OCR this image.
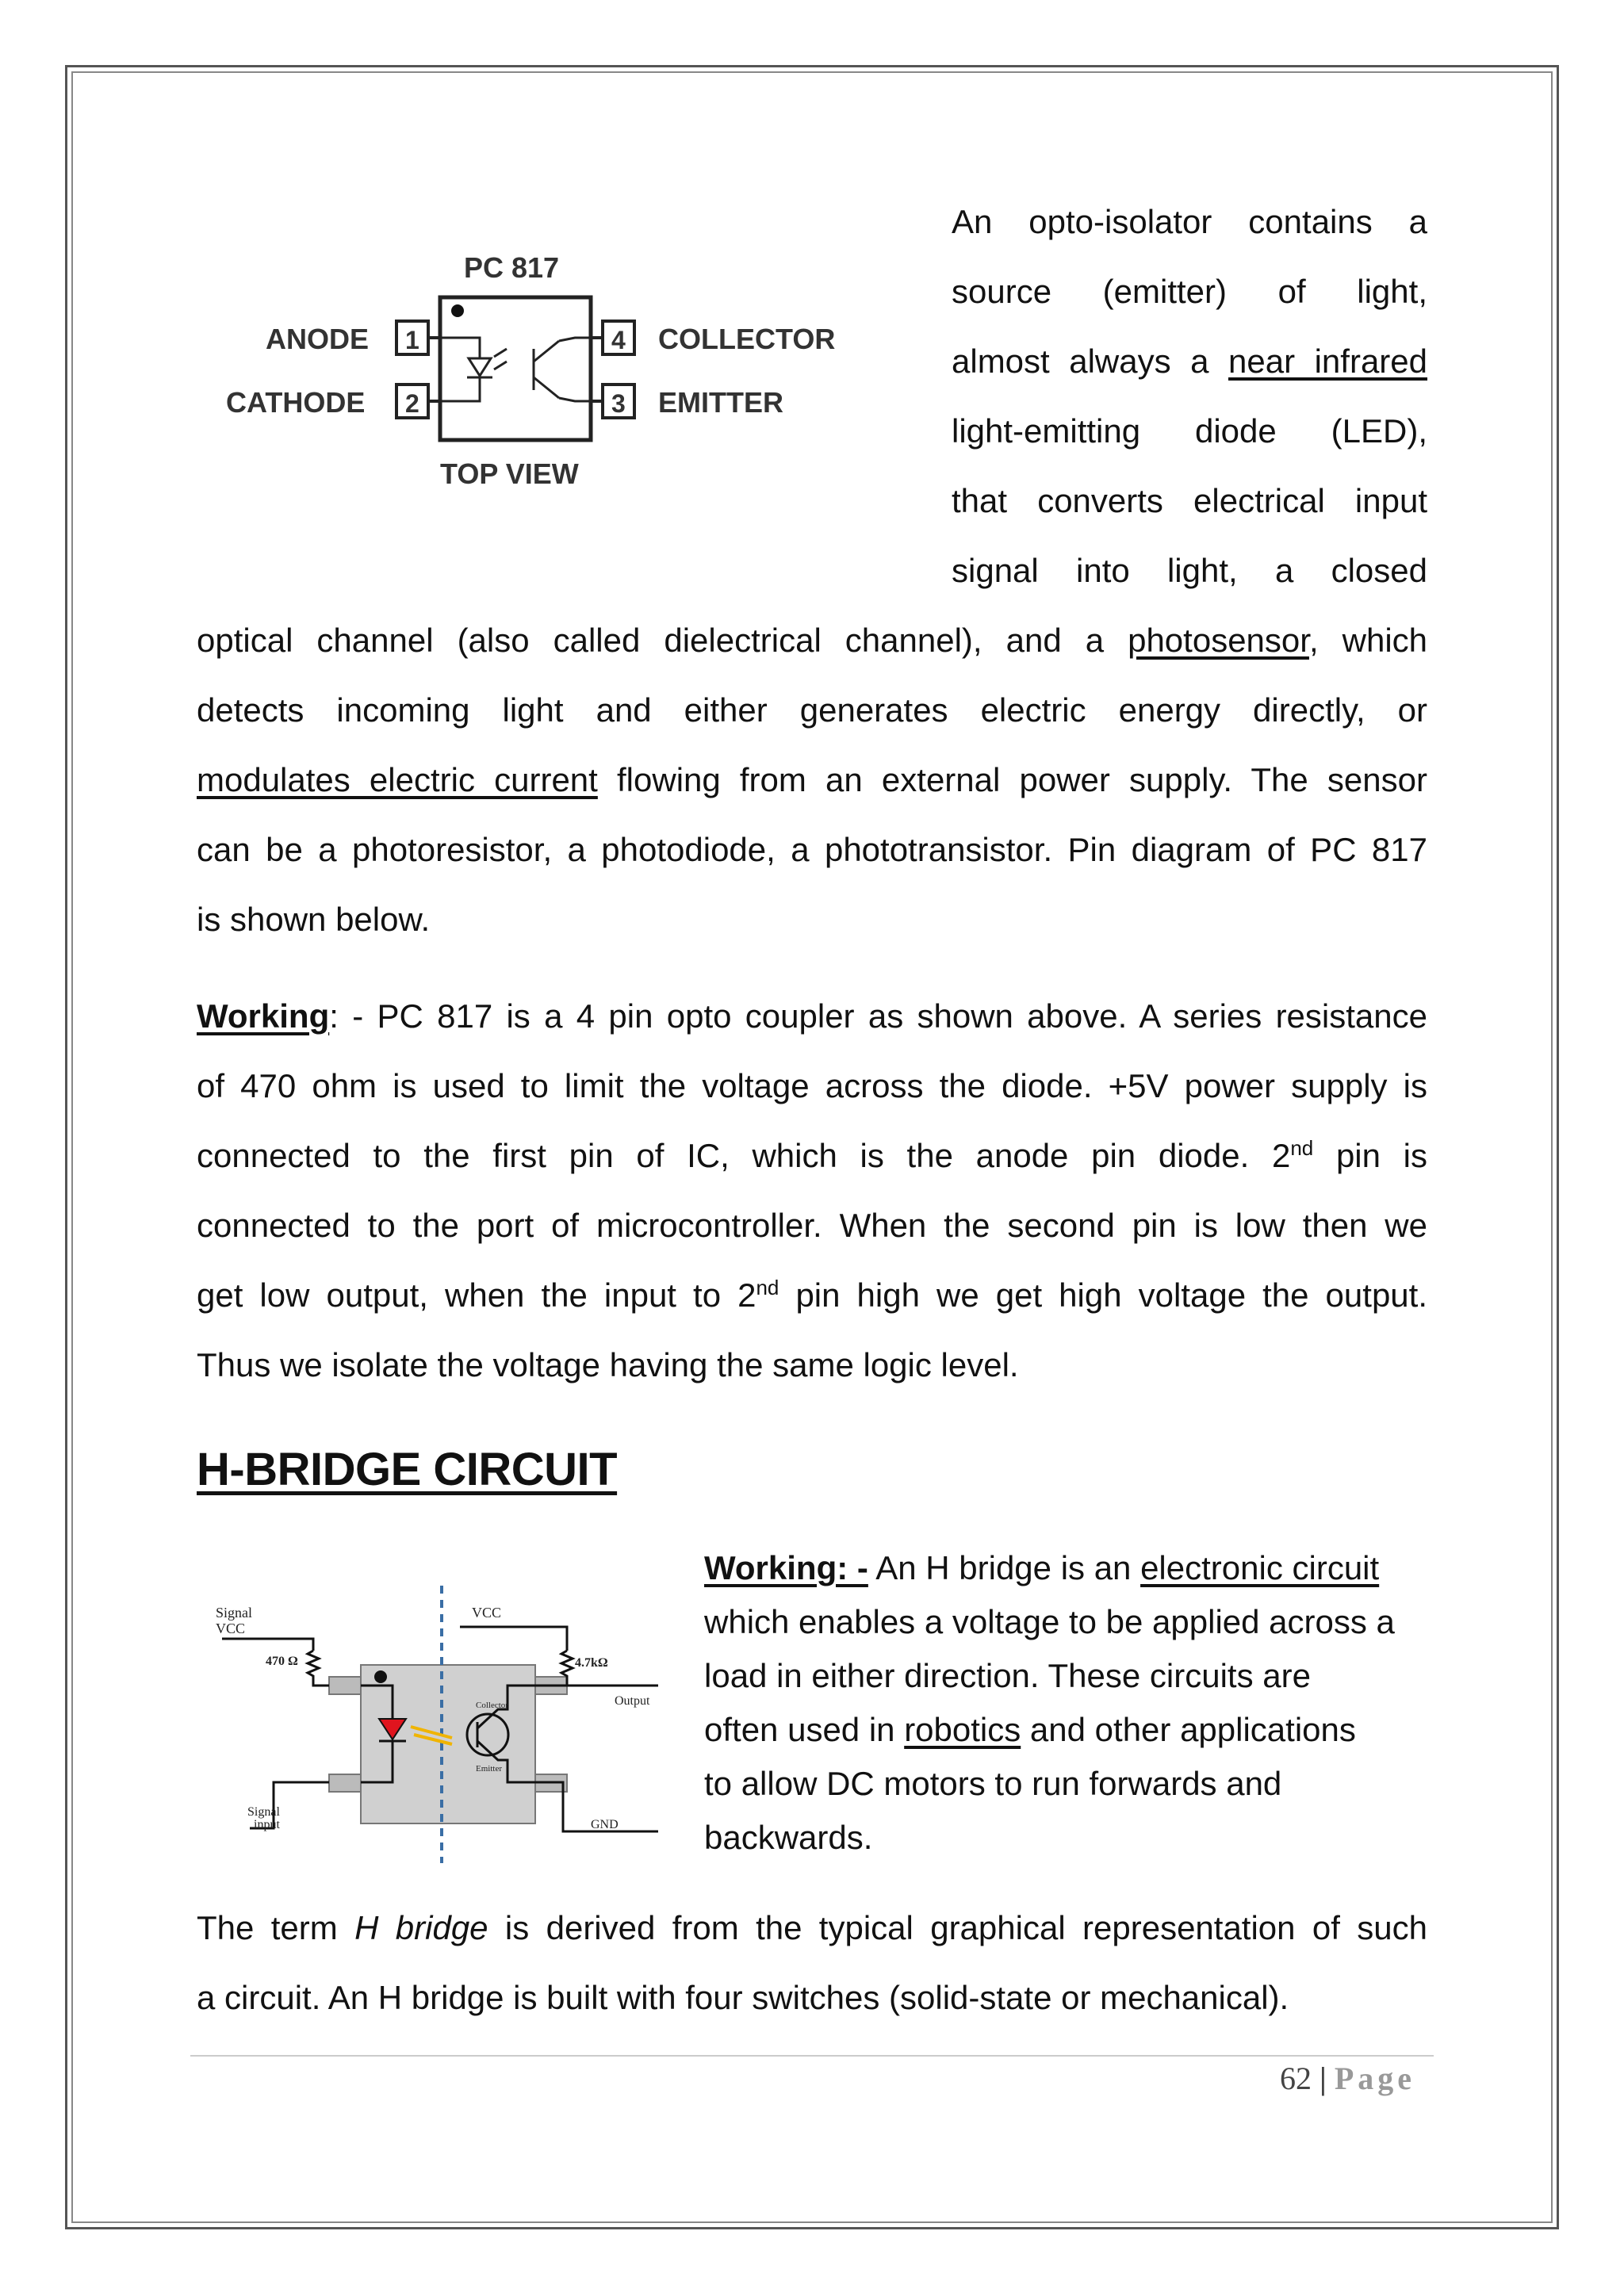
PC 817
1
2	3
4
ANODE
CATHODE
COLLECTOR
EMITTER
TOP VIEW
An opto-isolator contains a
source (emitter) of light,
almost always a near infrared
light-emitting diode (LED),
that converts electrical input
signal into light, a closed
optical channel (also called dielectrical channel), and a photosensor, which
detects incoming light and either generates electric energy directly, or
modulates electric current flowing from an external power supply. The sensor
can be a photoresistor, a photodiode, a phototransistor. Pin diagram of PC 817
is shown below.
Working: - PC 817 is a 4 pin opto coupler as shown above. A series resistance
of 470 ohm is used to limit the voltage across the diode. +5V power supply is
connected to the first pin of IC, which is the anode pin diode. 2nd pin is
connected to the port of microcontroller. When the second pin is low then we
get low output, when the input to 2nd pin high we get high voltage the output.
Thus we isolate the voltage having the same logic level.
H-BRIDGE CIRCUIT
Signal
VCC
470 Ω
VCC
4.7kΩ
Output
Collector
Emitter
Signal
input	GND
Working: - An H bridge is an electronic circuit
which enables a voltage to be applied across a
load in either direction. These circuits are
often used in robotics and other applications
to allow DC motors to run forwards and
backwards.
The term H bridge is derived from the typical graphical representation of such
a circuit. An H bridge is built with four switches (solid-state or mechanical).
62 | Page
